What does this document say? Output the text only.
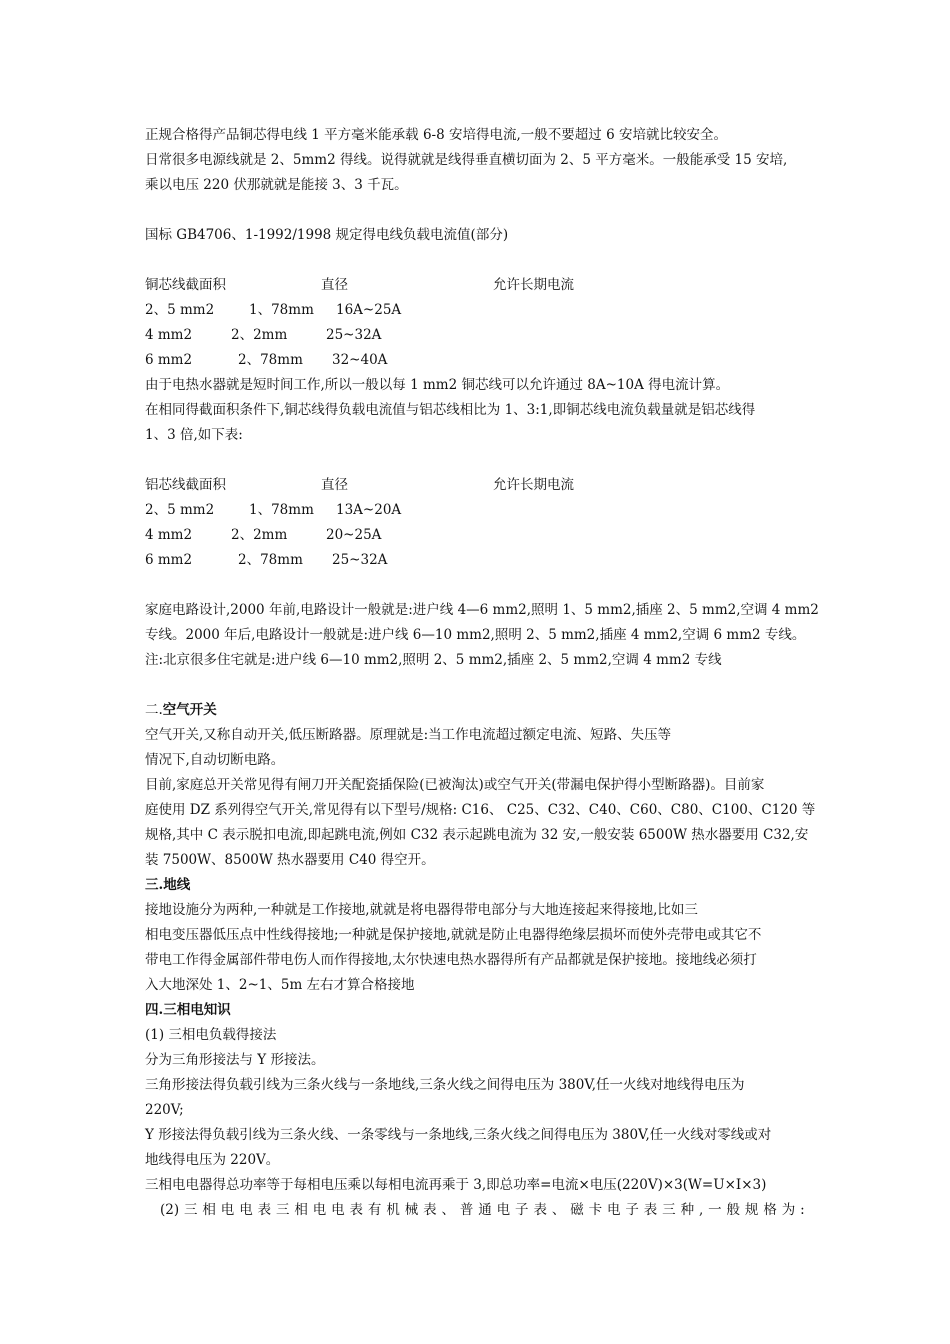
正规合格得产品铜芯得电线 1 平方毫米能承载 6-8 安培得电流,一般不要超过 6 安培就比较安全。
日常很多电源线就是 2、5mm2 得线。说得就就是线得垂直横切面为 2、5 平方毫米。一般能承受 15 安培,
乘以电压 220 伏那就就是能接 3、3 千瓦。
国标 GB4706、1-1992/1998 规定得电线负载电流值(部分)
铜芯线截面积	直径	允许长期电流
2、5 mm2	1、78mm 16A~25A
4 mm2	2、2mm	25~32A
6 mm2	2、78mm 32~40A
由于电热水器就是短时间工作,所以一般以每 1 mm2 铜芯线可以允许通过 8A~10A 得电流计算。
在相同得截面积条件下,铜芯线得负载电流值与铝芯线相比为 1、3:1,即铜芯线电流负载量就是铝芯线得
1、3 倍,如下表:
铝芯线截面积	直径	允许长期电流
2、5 mm2	1、78mm 13A~20A
4 mm2	2、2mm	20~25A
6 mm2	2、78mm 25~32A
家庭电路设计,2000 年前,电路设计一般就是:进户线 4—6 mm2,照明 1、5 mm2,插座 2、5 mm2,空调 4 mm2
专线。2000 年后,电路设计一般就是:进户线 6—10 mm2,照明 2、5 mm2,插座 4 mm2,空调 6 mm2 专线。
注:北京很多住宅就是:进户线 6—10 mm2,照明 2、5 mm2,插座 2、5 mm2,空调 4 mm2 专线
二.空气开关
空气开关,又称自动开关,低压断路器。原理就是:当工作电流超过额定电流、短路、失压等
情况下,自动切断电路。
目前,家庭总开关常见得有闸刀开关配瓷插保险(已被淘汰)或空气开关(带漏电保护得小型断路器)。目前家
庭使用 DZ 系列得空气开关,常见得有以下型号/规格: C16、 C25、C32、C40、C60、C80、C100、C120 等
规格,其中 C 表示脱扣电流,即起跳电流,例如 C32 表示起跳电流为 32 安,一般安装 6500W 热水器要用 C32,安
装 7500W、8500W 热水器要用 C40 得空开。
三.地线
接地设施分为两种,一种就是工作接地,就就是将电器得带电部分与大地连接起来得接地,比如三
相电变压器低压点中性线得接地;一种就是保护接地,就就是防止电器得绝缘层损坏而使外壳带电或其它不
带电工作得金属部件带电伤人而作得接地,太尔快速电热水器得所有产品都就是保护接地。接地线必须打
入大地深处 1、2~1、5m 左右才算合格接地
四.三相电知识
(1) 三相电负载得接法
分为三角形接法与 Y 形接法。
三角形接法得负载引线为三条火线与一条地线,三条火线之间得电压为 380V,任一火线对地线得电压为
220V;
Y 形接法得负载引线为三条火线、一条零线与一条地线,三条火线之间得电压为 380V,任一火线对零线或对
地线得电压为 220V。
三相电电器得总功率等于每相电压乘以每相电流再乘于 3,即总功率=电流×电压(220V)×3(W=U×I×3)
(2) 三 相 电 电 表 三 相 电 电 表 有 机 械 表 、 普 通 电 子 表 、 磁 卡 电 子 表 三 种 , 一 般 规 格 为 :
